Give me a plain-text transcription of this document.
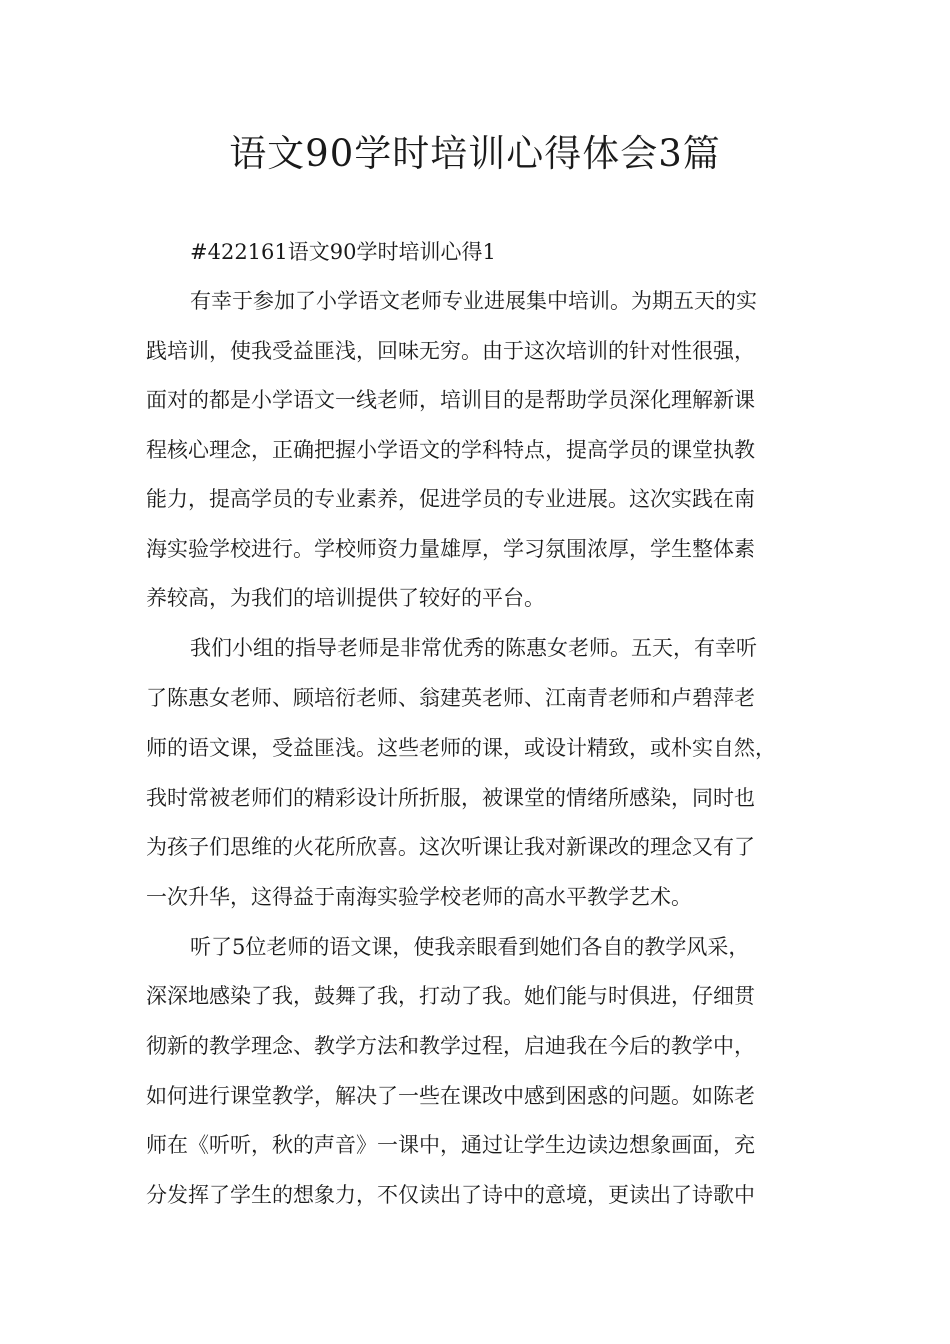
语文90学时培训心得体会3篇

#422161语文90学时培训心得1

有幸于参加了小学语文老师专业进展集中培训。为期五天的实

践培训，使我受益匪浅，回味无穷。由于这次培训的针对性很强，

面对的都是小学语文一线老师，培训目的是帮助学员深化理解新课

程核心理念，正确把握小学语文的学科特点，提高学员的课堂执教

能力，提高学员的专业素养，促进学员的专业进展。这次实践在南

海实验学校进行。学校师资力量雄厚，学习氛围浓厚，学生整体素

养较高，为我们的培训提供了较好的平台。

我们小组的指导老师是非常优秀的陈惠女老师。五天，有幸听

了陈惠女老师、顾培衍老师、翁建英老师、江南青老师和卢碧萍老

师的语文课，受益匪浅。这些老师的课，或设计精致，或朴实自然，

我时常被老师们的精彩设计所折服，被课堂的情绪所感染，同时也

为孩子们思维的火花所欣喜。这次听课让我对新课改的理念又有了

一次升华，这得益于南海实验学校老师的高水平教学艺术。

听了5位老师的语文课，使我亲眼看到她们各自的教学风采，

深深地感染了我，鼓舞了我，打动了我。她们能与时俱进，仔细贯

彻新的教学理念、教学方法和教学过程，启迪我在今后的教学中，

如何进行课堂教学，解决了一些在课改中感到困惑的问题。如陈老

师在《听听，秋的声音》一课中，通过让学生边读边想象画面，充

分发挥了学生的想象力，不仅读出了诗中的意境，更读出了诗歌中
